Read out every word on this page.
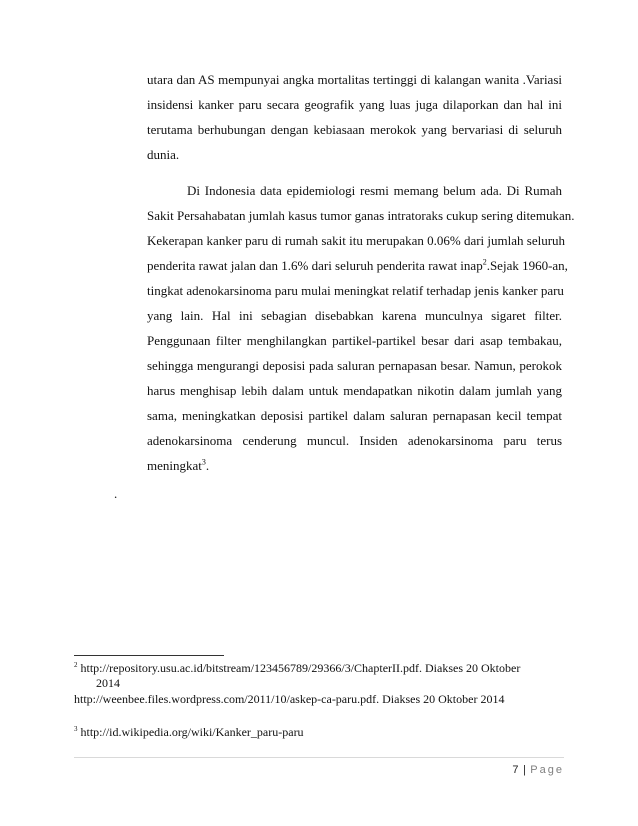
utara dan AS mempunyai angka mortalitas tertinggi di kalangan wanita .Variasi
insidensi kanker paru secara geografik yang luas juga dilaporkan dan hal ini
terutama berhubungan dengan kebiasaan merokok yang bervariasi di seluruh
dunia.
Di Indonesia data epidemiologi resmi memang belum ada. Di Rumah
Sakit Persahabatan jumlah kasus tumor ganas intratoraks cukup sering ditemukan.
Kekerapan kanker paru di rumah sakit itu merupakan 0.06% dari jumlah seluruh
penderita rawat jalan dan 1.6% dari seluruh penderita rawat inap$^2$.Sejak 1960-an,
tingkat adenokarsinoma paru mulai meningkat relatif terhadap jenis kanker paru
yang lain. Hal ini sebagian disebabkan karena munculnya sigaret filter.
Penggunaan filter menghilangkan partikel-partikel besar dari asap tembakau,
sehingga mengurangi deposisi pada saluran pernapasan besar. Namun, perokok
harus menghisap lebih dalam untuk mendapatkan nikotin dalam jumlah yang
sama, meningkatkan deposisi partikel dalam saluran pernapasan kecil tempat
adenokarsinoma cenderung muncul. Insiden adenokarsinoma paru terus
meningkat$^3$.
.
$^2$ http://repository.usu.ac.id/bitstream/123456789/29366/3/ChapterII.pdf. Diakses 20 Oktober
2014
http://weenbee.files.wordpress.com/2011/10/askep-ca-paru.pdf. Diakses 20 Oktober 2014
$^3$ http://id.wikipedia.org/wiki/Kanker_paru-paru
7 | Page
